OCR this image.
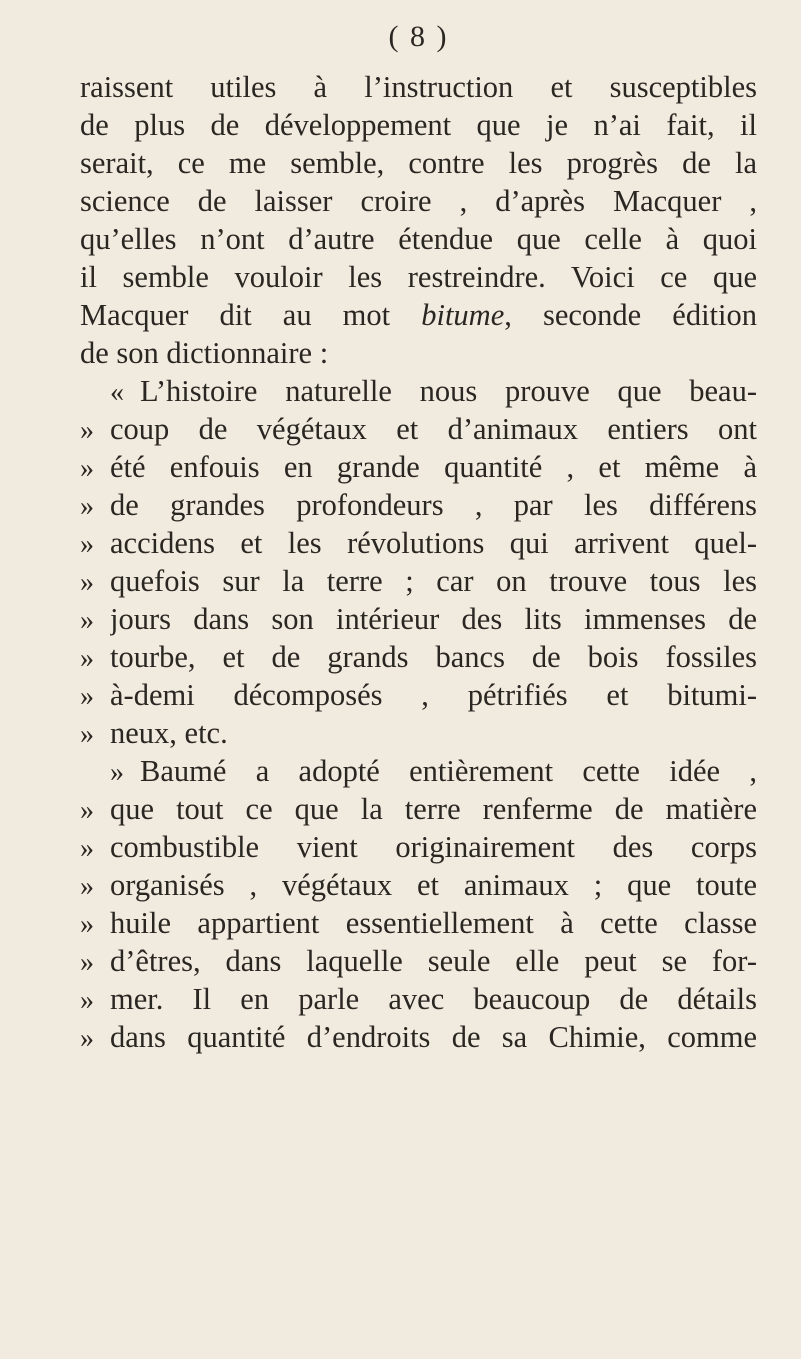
( 8 )
raissent utiles à l’instruction et susceptibles
de plus de développement que je n’ai fait, il
serait, ce me semble, contre les progrès de la
science de laisser croire , d’après Macquer ,
qu’elles n’ont d’autre étendue que celle à quoi
il semble vouloir les restreindre. Voici ce que
Macquer dit au mot bitume, seconde édition
de son dictionnaire :
« L’histoire naturelle nous prouve que beau-
» coup de végétaux et d’animaux entiers ont
» été enfouis en grande quantité , et même à
» de grandes profondeurs , par les différens
» accidens et les révolutions qui arrivent quel-
» quefois sur la terre ; car on trouve tous les
» jours dans son intérieur des lits immenses de
» tourbe, et de grands bancs de bois fossiles
» à-demi décomposés , pétrifiés et bitumi-
» neux, etc.
» Baumé a adopté entièrement cette idée ,
» que tout ce que la terre renferme de matière
» combustible vient originairement des corps
» organisés , végétaux et animaux ; que toute
» huile appartient essentiellement à cette classe
» d’êtres, dans laquelle seule elle peut se for-
» mer. Il en parle avec beaucoup de détails
» dans quantité d’endroits de sa Chimie, comme
